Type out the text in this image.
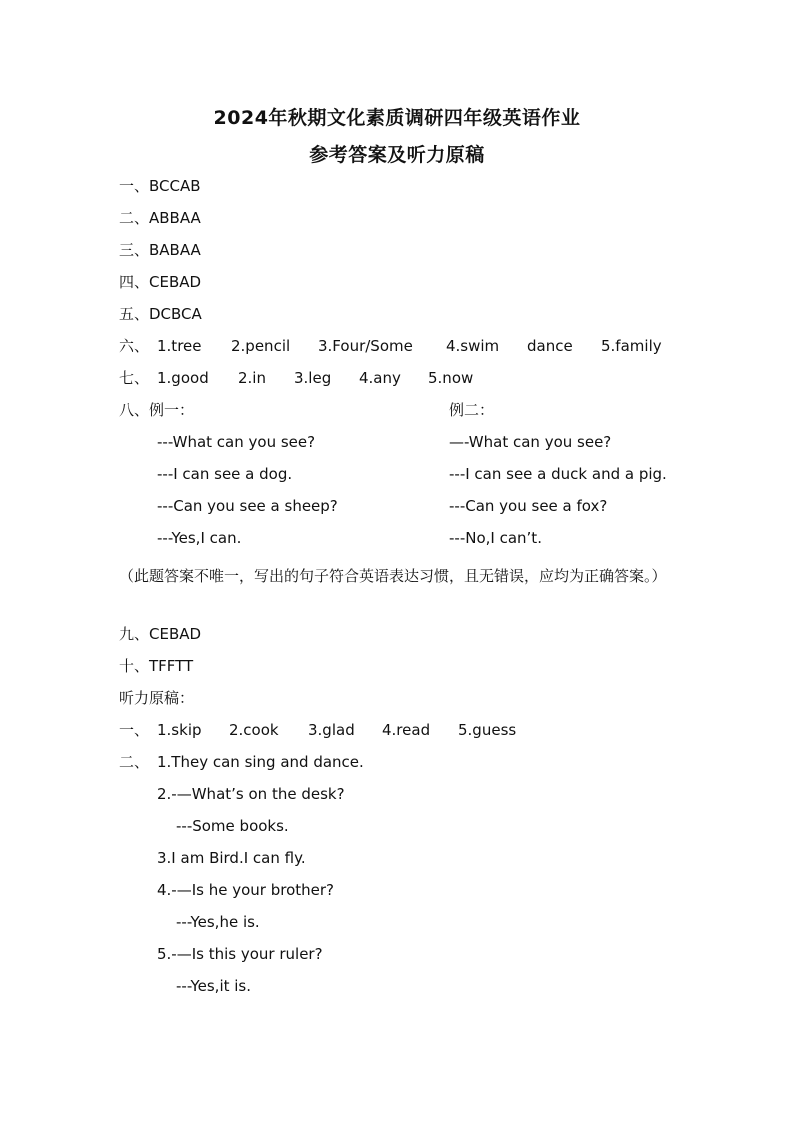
2024年秋期文化素质调研四年级英语作业
参考答案及听力原稿
一、BCCAB
二、ABBAA
三、BABAA
四、CEBAD
五、DCBCA
六、 1.tree 2.pencil 3.Four/Some 4.swim dance 5.family
七、 1.good 2.in 3.leg 4.any 5.now
八、例一：	例二：
---What can you see?
---I can see a dog.
---Can you see a sheep?
---Yes,I can.
—-What can you see?
---I can see a duck and a pig.
---Can you see a fox?
---No,I can’t.
（此题答案不唯一，写出的句子符合英语表达习惯，且无错误，应均为正确答案。）
九、CEBAD
十、TFFTT
听力原稿：
一、 1.skip 2.cook 3.glad 4.read 5.guess
二、 1.They can sing and dance.
2.-—What’s on the desk?
---Some books.
3.I am Bird.I can fly.
4.-—Is he your brother?
---Yes,he is.
5.-—Is this your ruler?
---Yes,it is.
